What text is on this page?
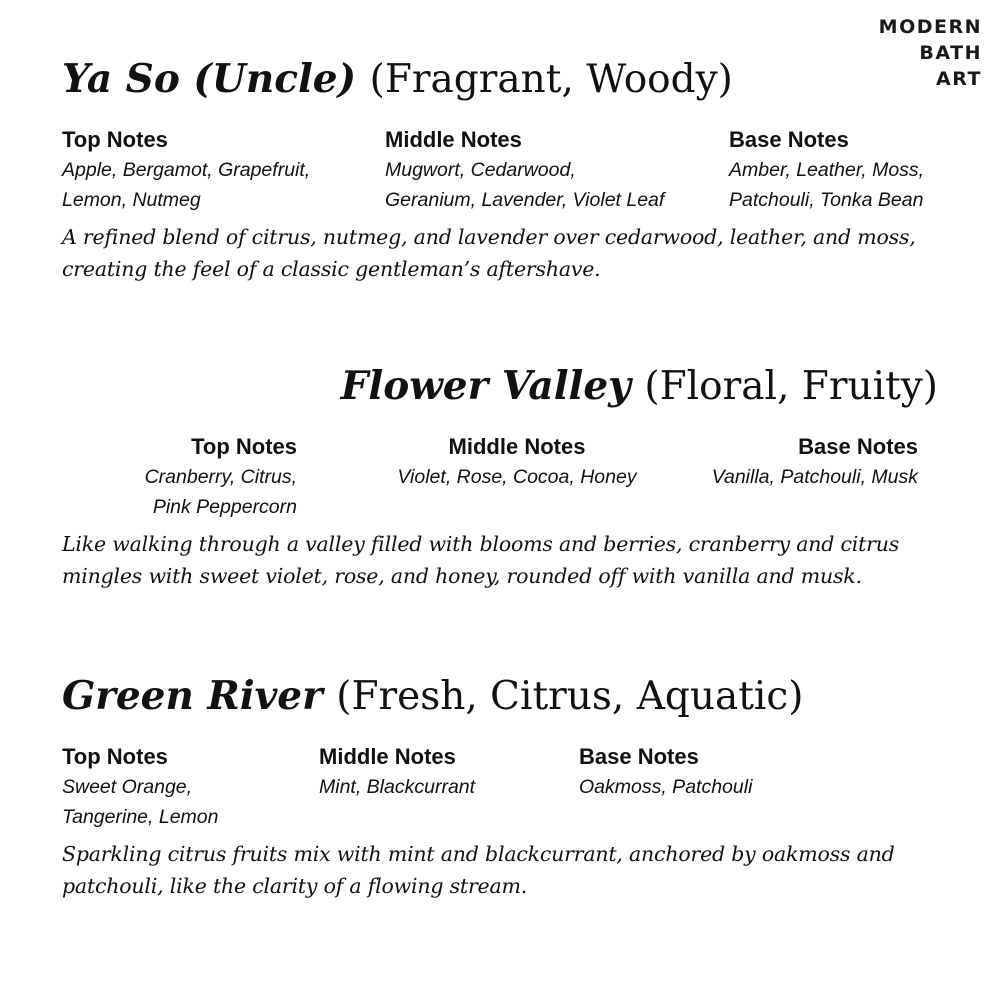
MODERN
BATH
ART
Ya So (Uncle) (Fragrant, Woody)
Top Notes

Apple, Bergamot, Grapefruit,

Lemon, Nutmeg

Middle Notes

Mugwort, Cedarwood,

Geranium, Lavender, Violet Leaf

Base Notes

Amber, Leather, Moss,

Patchouli, Tonka Bean

A refined blend of citrus, nutmeg, and lavender over cedarwood, leather, and moss,

creating the feel of a classic gentleman’s aftershave.

Flower Valley (Floral, Fruity)
Top Notes

Cranberry, Citrus,

Pink Peppercorn

Middle Notes

Violet, Rose, Cocoa, Honey

Base Notes

Vanilla, Patchouli, Musk

Like walking through a valley filled with blooms and berries, cranberry and citrus

mingles with sweet violet, rose, and honey, rounded off with vanilla and musk.

Green River (Fresh, Citrus, Aquatic)
Top Notes

Sweet Orange,

Tangerine, Lemon

Middle Notes

Mint, Blackcurrant

Base Notes

Oakmoss, Patchouli

Sparkling citrus fruits mix with mint and blackcurrant, anchored by oakmoss and

patchouli, like the clarity of a flowing stream.
